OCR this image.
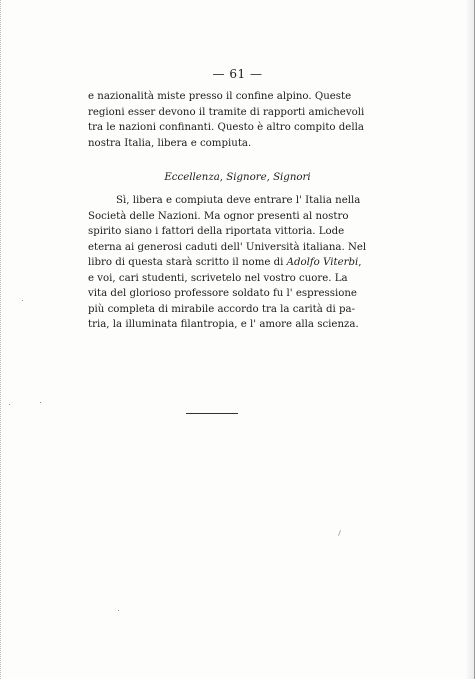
— 61 —
e nazionalità miste presso il confine alpino. Queste
regioni esser devono il tramite di rapporti amichevoli
tra le nazioni confinanti. Questo è altro compito della
nostra Italia, libera e compiuta.
Eccellenza, Signore, Signori
Sì, libera e compiuta deve entrare l' Italia nella
Società delle Nazioni. Ma ognor presenti al nostro
spirito siano i fattori della riportata vittoria. Lode
eterna ai generosi caduti dell' Università italiana. Nel
libro di questa starà scritto il nome di Adolfo Viterbi,
e voi, cari studenti, scrivetelo nel vostro cuore. La
vita del glorioso professore soldato fu l' espressione
più completa di mirabile accordo tra la carità di pa-
tria, la illuminata filantropia, e l' amore alla scienza.
